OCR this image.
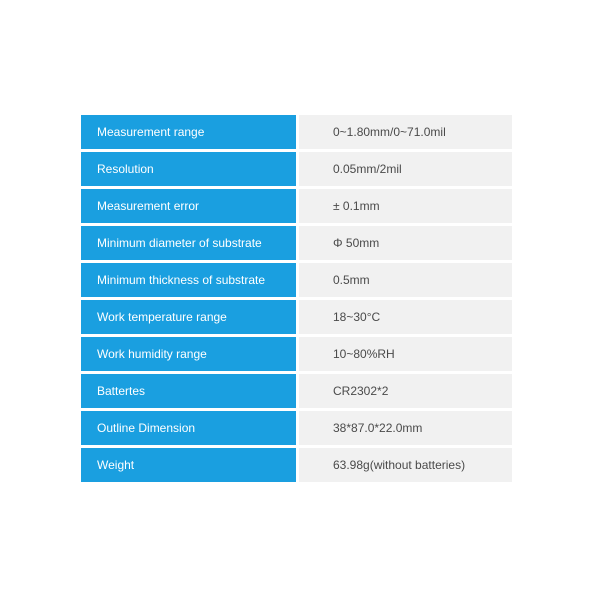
Measurement range	0~1.80mm/0~71.0mil
Resolution	0.05mm/2mil
Measurement error	± 0.1mm
Minimum diameter of substrate	Φ 50mm
Minimum thickness of substrate	0.5mm
Work temperature range	18~30°C
Work humidity range	10~80%RH
Battertes	CR2302*2
Outline Dimension	38*87.0*22.0mm
Weight	63.98g(without batteries)
